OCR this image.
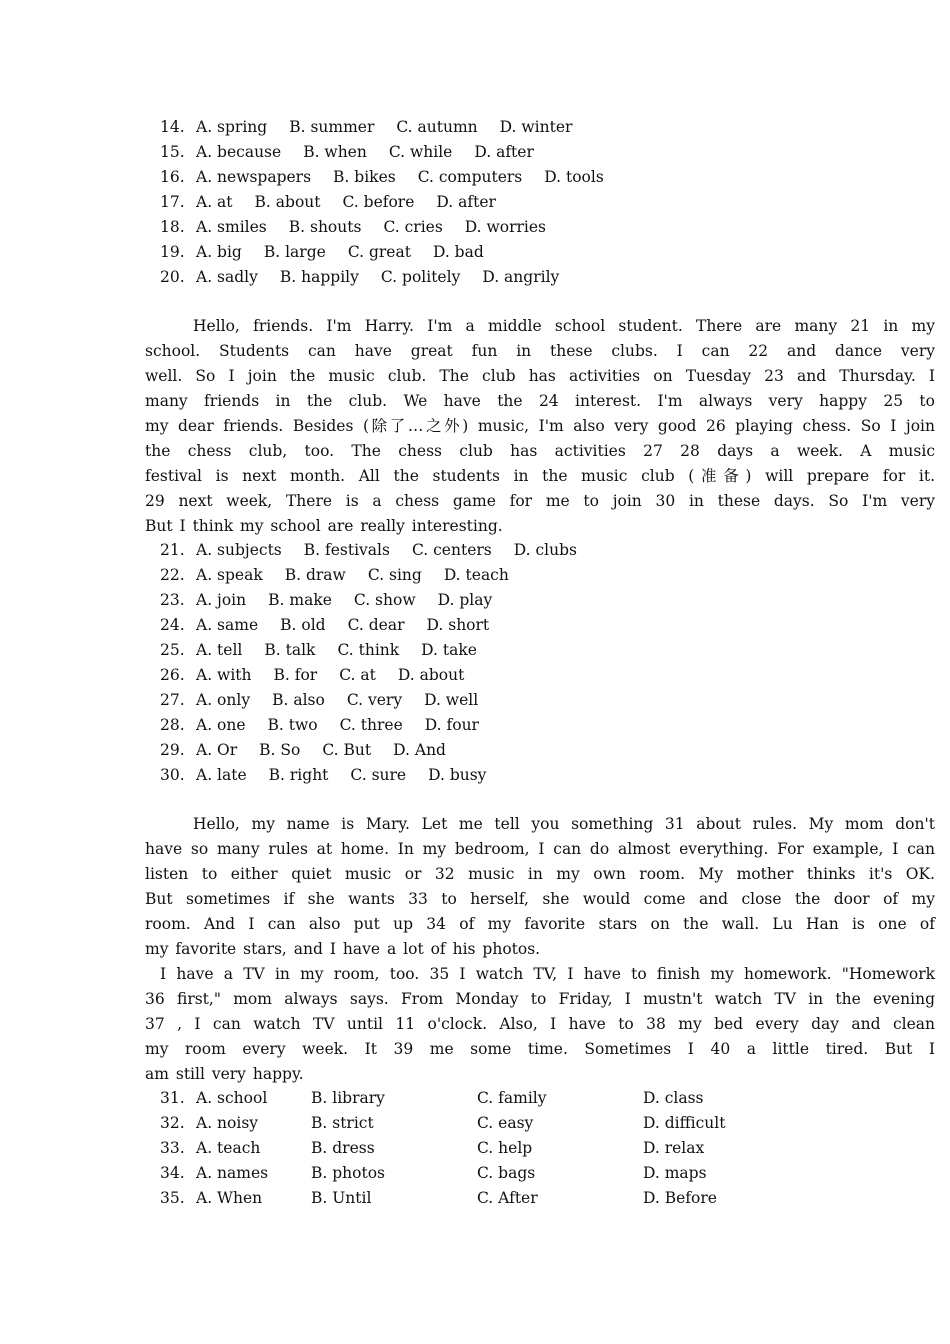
14. A. spring B. summer C. autumn D. winter
15. A. because B. when C. while D. after
16. A. newspapers B. bikes C. computers D. tools
17. A. at B. about C. before D. after
18. A. smiles B. shouts C. cries D. worries
19. A. big B. large C. great D. bad
20. A. sadly B. happily C. politely D. angrily
Hello, friends. I'm Harry. I'm a middle school student. There are many 21 in my
school. Students can have great fun in these clubs. I can 22 and dance very
well. So I join the music club. The club has activities on Tuesday 23 and Thursday. I
many friends in the club. We have the 24 interest. I'm always very happy 25 to
my dear friends. Besides (除了…之外) music, I'm also very good 26 playing chess. So I join
the chess club, too. The chess club has activities 27 28 days a week. A music
festival is next month. All the students in the music club (准备) will prepare for it.
29 next week, There is a chess game for me to join 30 in these days. So I'm very
But I think my school are really interesting.
21. A. subjects B. festivals C. centers D. clubs
22. A. speak B. draw C. sing D. teach
23. A. join B. make C. show D. play
24. A. same B. old C. dear D. short
25. A. tell B. talk C. think D. take
26. A. with B. for C. at D. about
27. A. only B. also C. very D. well
28. A. one B. two C. three D. four
29. A. Or B. So C. But D. And
30. A. late B. right C. sure D. busy
Hello, my name is Mary. Let me tell you something 31 about rules. My mom don't
have so many rules at home. In my bedroom, I can do almost everything. For example, I can
listen to either quiet music or 32 music in my own room. My mother thinks it's OK.
But sometimes if she wants 33 to herself, she would come and close the door of my
room. And I can also put up 34 of my favorite stars on the wall. Lu Han is one of
my favorite stars, and I have a lot of his photos.
I have a TV in my room, too. 35 I watch TV, I have to finish my homework. "Homework
36 first," mom always says. From Monday to Friday, I mustn't watch TV in the evening
37 , I can watch TV until 11 o'clock. Also, I have to 38 my bed every day and clean
my room every week. It 39 me some time. Sometimes I 40 a little tired. But I
am still very happy.
31. A. school	B. library	C. family	D. class
32. A. noisy	B. strict	C. easy	D. difficult
33. A. teach	B. dress	C. help	D. relax
34. A. names	B. photos	C. bags	D. maps
35. A. When	B. Until	C. After	D. Before
